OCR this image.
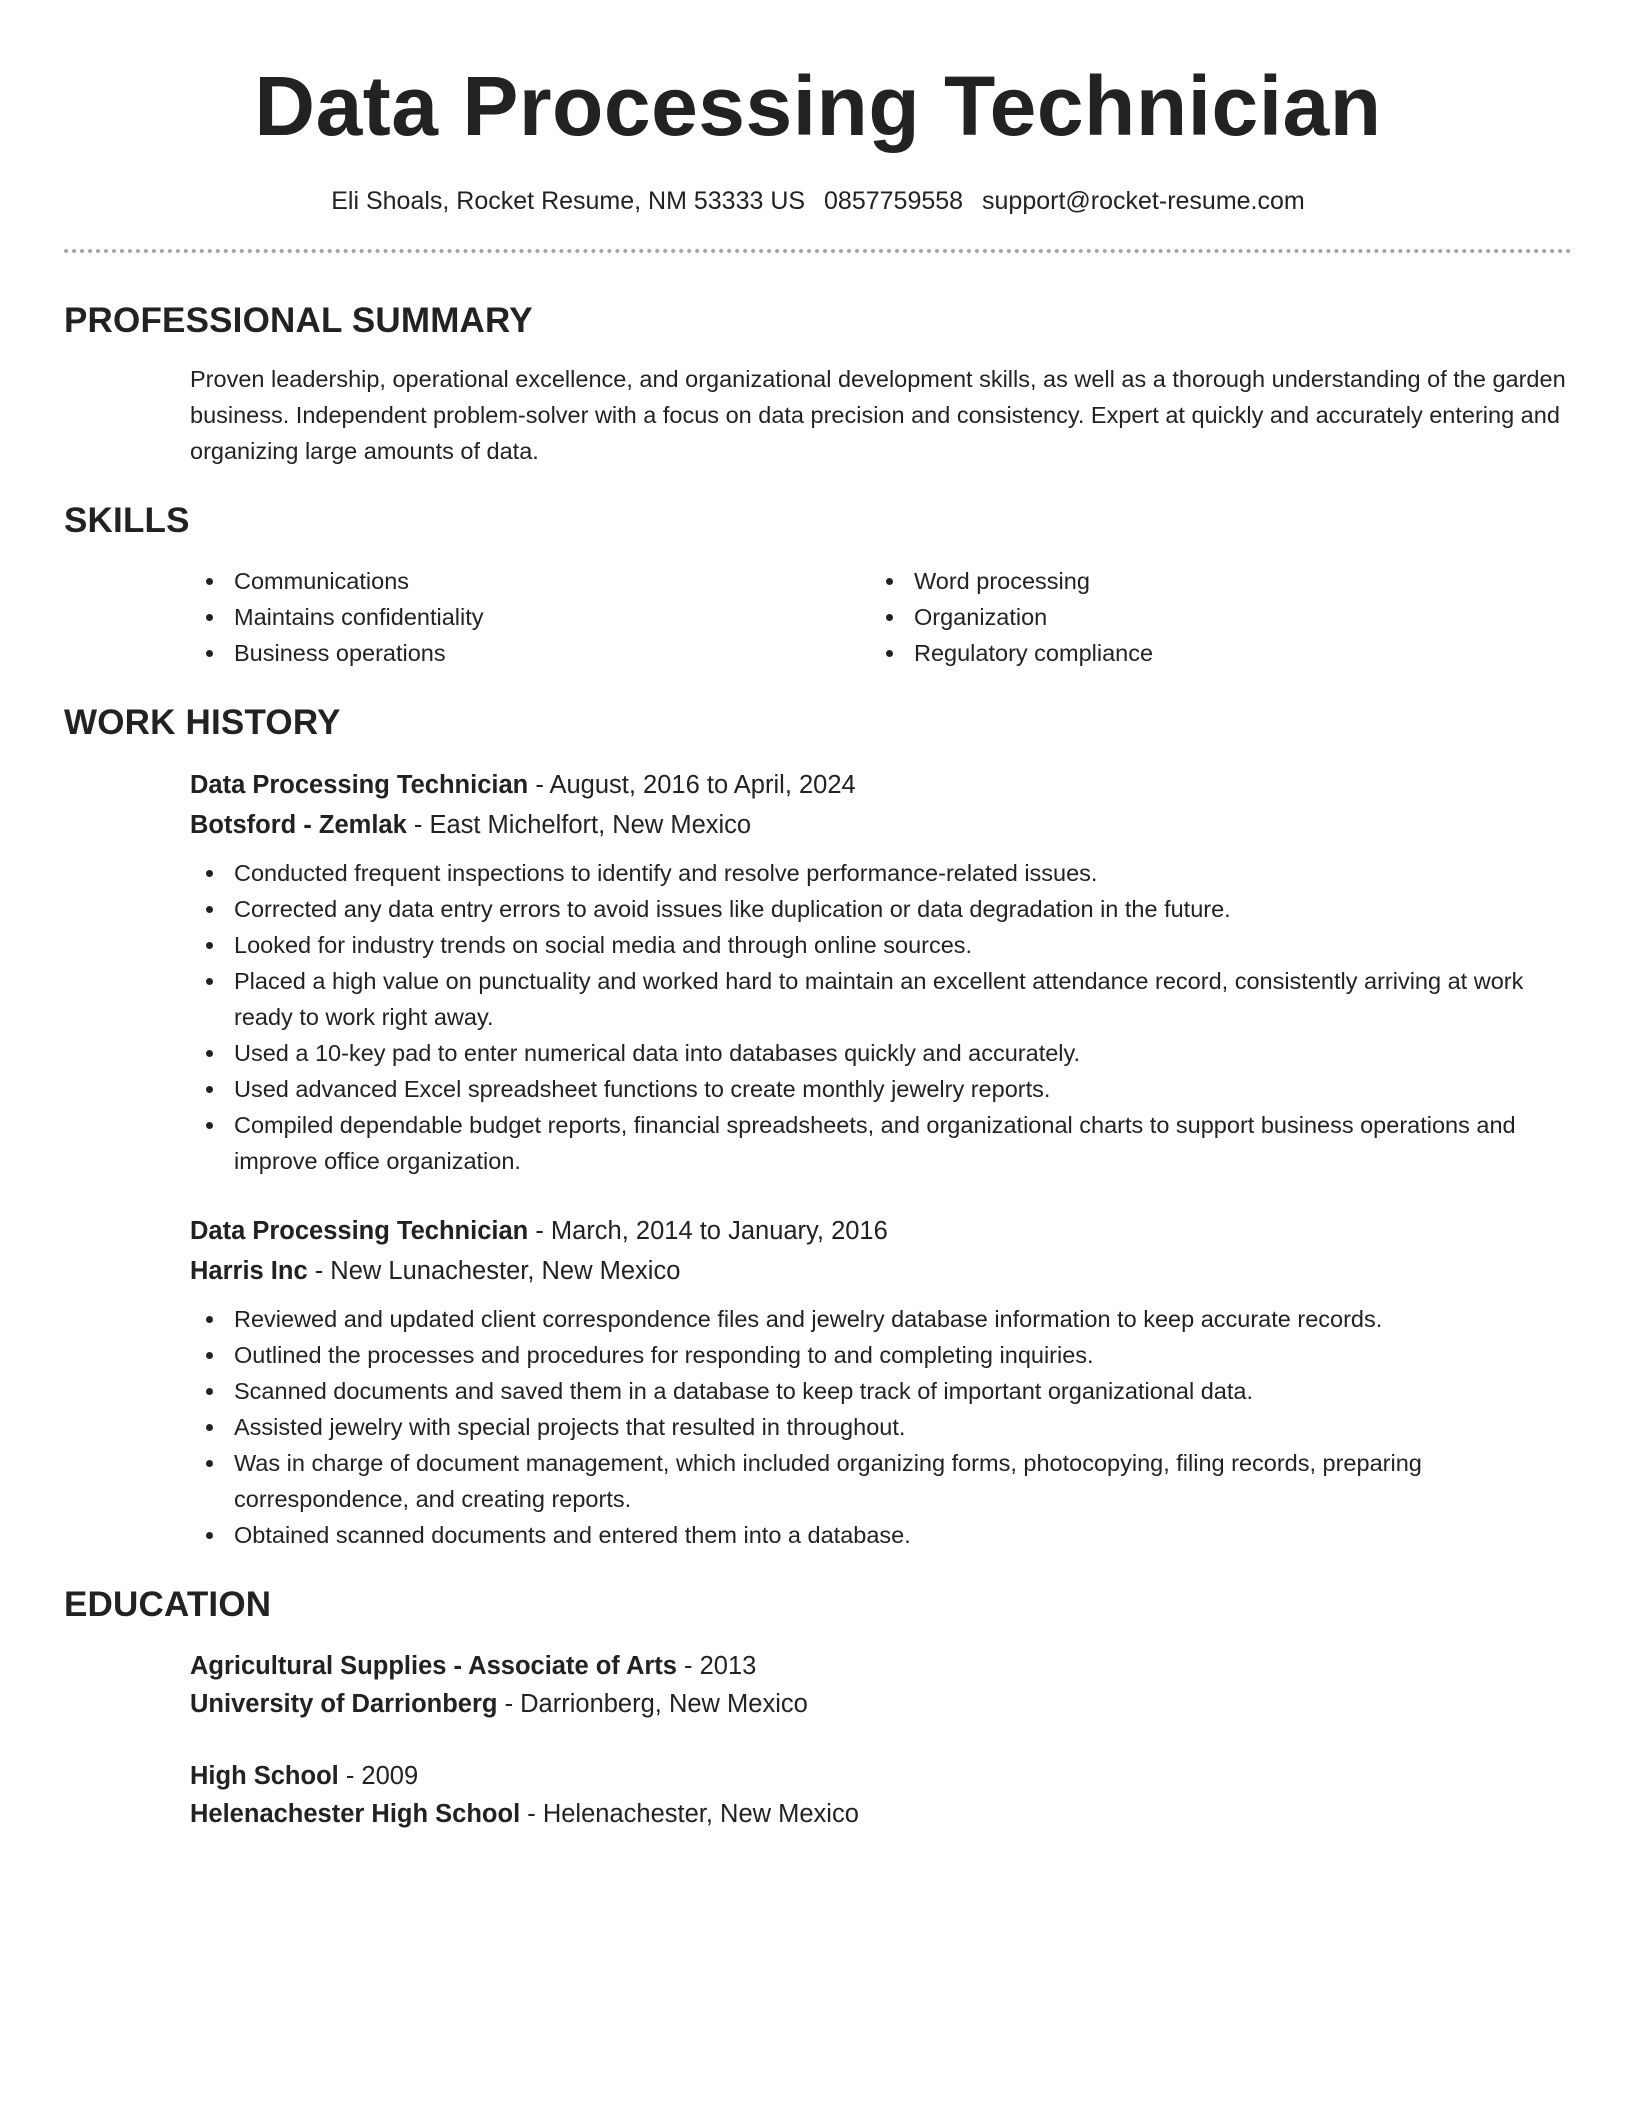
Data Processing Technician
Eli Shoals, Rocket Resume, NM 53333 US 0857759558 support@rocket-resume.com
PROFESSIONAL SUMMARY

Proven leadership, operational excellence, and organizational development skills, as well as a thorough understanding of the garden business. Independent problem-solver with a focus on data precision and consistency. Expert at quickly and accurately entering and organizing large amounts of data.

SKILLS
Communications
Maintains confidentiality
Business operations
Word processing
Organization
Regulatory compliance
WORK HISTORY
Data Processing Technician - August, 2016 to April, 2024
Botsford - Zemlak - East Michelfort, New Mexico
Conducted frequent inspections to identify and resolve performance-related issues.
Corrected any data entry errors to avoid issues like duplication or data degradation in the future.
Looked for industry trends on social media and through online sources.
Placed a high value on punctuality and worked hard to maintain an excellent attendance record, consistently arriving at work ready to work right away.
Used a 10-key pad to enter numerical data into databases quickly and accurately.
Used advanced Excel spreadsheet functions to create monthly jewelry reports.
Compiled dependable budget reports, financial spreadsheets, and organizational charts to support business operations and improve office organization.
Data Processing Technician - March, 2014 to January, 2016
Harris Inc - New Lunachester, New Mexico
Reviewed and updated client correspondence files and jewelry database information to keep accurate records.
Outlined the processes and procedures for responding to and completing inquiries.
Scanned documents and saved them in a database to keep track of important organizational data.
Assisted jewelry with special projects that resulted in throughout.
Was in charge of document management, which included organizing forms, photocopying, filing records, preparing correspondence, and creating reports.
Obtained scanned documents and entered them into a database.
EDUCATION
Agricultural Supplies - Associate of Arts - 2013
University of Darrionberg - Darrionberg, New Mexico
High School - 2009
Helenachester High School - Helenachester, New Mexico
